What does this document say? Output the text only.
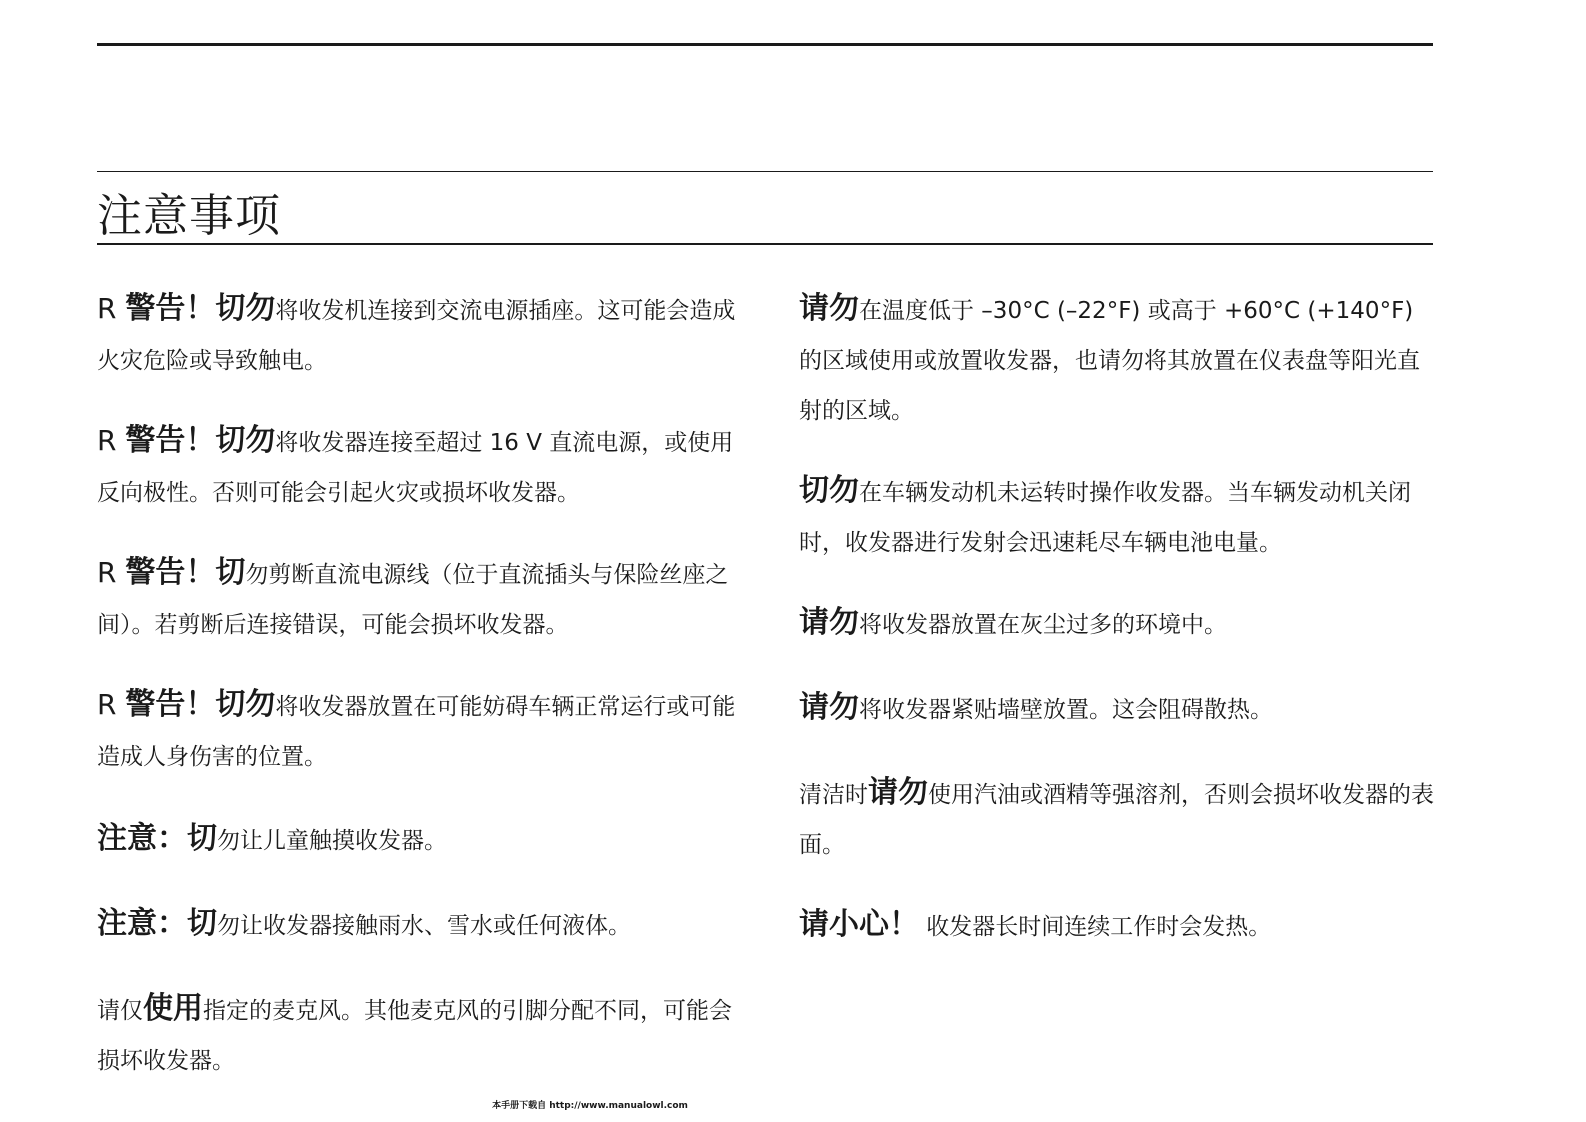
注意事项

R 警告！切勿将收发机连接到交流电源插座。这可能会造成火灾危险或导致触电。

R 警告！切勿将收发器连接至超过 16 V 直流电源，或使用反向极性。否则可能会引起火灾或损坏收发器。

R 警告！切勿剪断直流电源线（位于直流插头与保险丝座之间）。若剪断后连接错误，可能会损坏收发器。

R 警告！切勿将收发器放置在可能妨碍车辆正常运行或可能造成人身伤害的位置。

注意：切勿让儿童触摸收发器。

注意：切勿让收发器接触雨水、雪水或任何液体。

请仅使用指定的麦克风。其他麦克风的引脚分配不同，可能会损坏收发器。

请勿在温度低于 –30°C (–22°F) 或高于 +60°C (+140°F) 的区域使用或放置收发器，也请勿将其放置在仪表盘等阳光直射的区域。

切勿在车辆发动机未运转时操作收发器。当车辆发动机关闭时，收发器进行发射会迅速耗尽车辆电池电量。

请勿将收发器放置在灰尘过多的环境中。

请勿将收发器紧贴墙壁放置。这会阻碍散热。

清洁时请勿使用汽油或酒精等强溶剂，否则会损坏收发器的表面。

请小心！ 收发器长时间连续工作时会发热。

本手册下载自 http://www.manualowl.com
